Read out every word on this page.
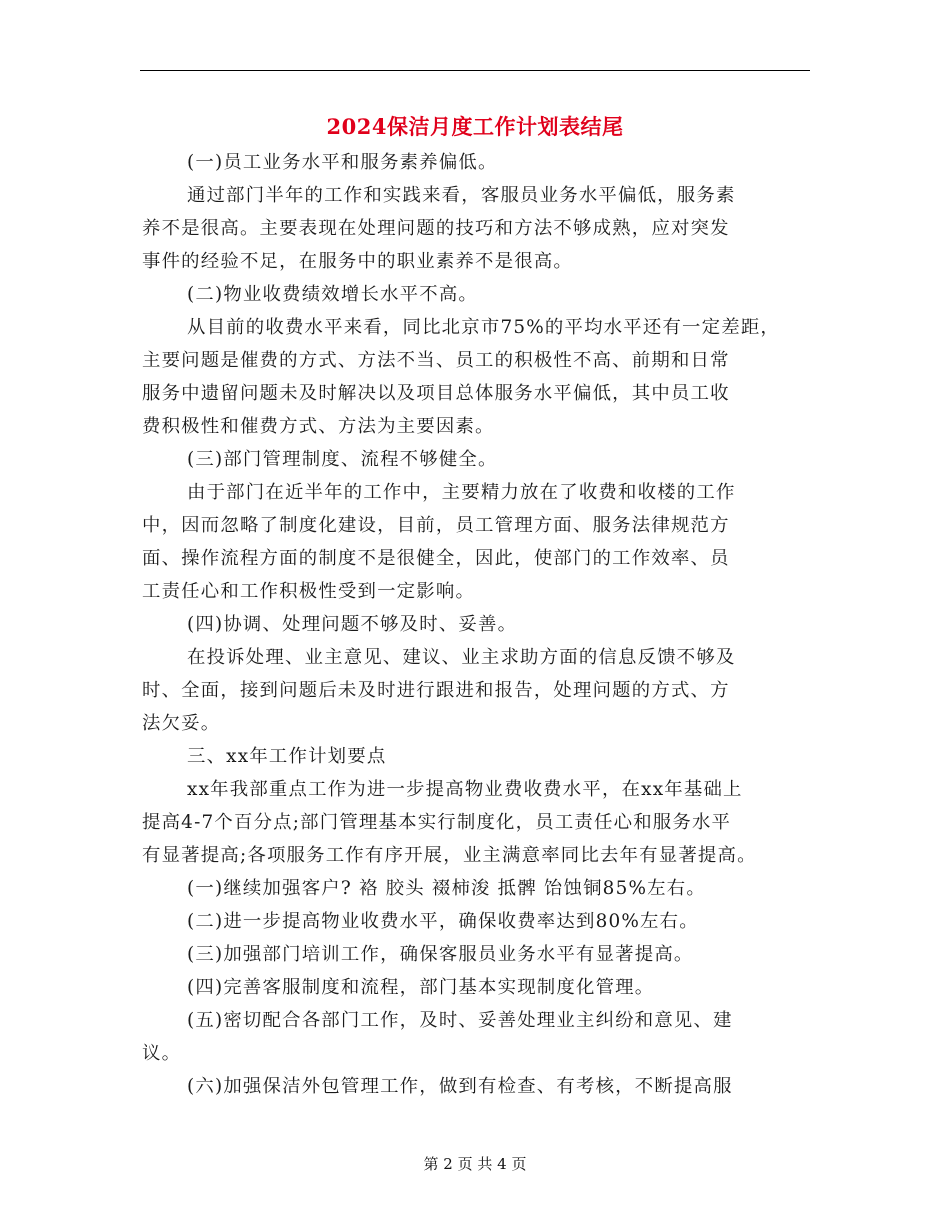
2024保洁月度工作计划表结尾
(一)员工业务水平和服务素养偏低。
通过部门半年的工作和实践来看，客服员业务水平偏低，服务素
养不是很高。主要表现在处理问题的技巧和方法不够成熟，应对突发
事件的经验不足，在服务中的职业素养不是很高。
(二)物业收费绩效增长水平不高。
从目前的收费水平来看，同比北京市75%的平均水平还有一定差距，
主要问题是催费的方式、方法不当、员工的积极性不高、前期和日常
服务中遗留问题未及时解决以及项目总体服务水平偏低，其中员工收
费积极性和催费方式、方法为主要因素。
(三)部门管理制度、流程不够健全。
由于部门在近半年的工作中，主要精力放在了收费和收楼的工作
中，因而忽略了制度化建设，目前，员工管理方面、服务法律规范方
面、操作流程方面的制度不是很健全，因此，使部门的工作效率、员
工责任心和工作积极性受到一定影响。
(四)协调、处理问题不够及时、妥善。
在投诉处理、业主意见、建议、业主求助方面的信息反馈不够及
时、全面，接到问题后未及时进行跟进和报告，处理问题的方式、方
法欠妥。
三、xx年工作计划要点
xx年我部重点工作为进一步提高物业费收费水平，在xx年基础上
提高4-7个百分点;部门管理基本实行制度化，员工责任心和服务水平
有显著提高;各项服务工作有序开展，业主满意率同比去年有显著提高。
(一)继续加强客户? 袼 胶头 裰柿浚 抵髀 饴蚀铜85%左右。
(二)进一步提高物业收费水平，确保收费率达到80%左右。
(三)加强部门培训工作，确保客服员业务水平有显著提高。
(四)完善客服制度和流程，部门基本实现制度化管理。
(五)密切配合各部门工作，及时、妥善处理业主纠纷和意见、建
议。
(六)加强保洁外包管理工作，做到有检查、有考核，不断提高服
第 2 页 共 4 页
